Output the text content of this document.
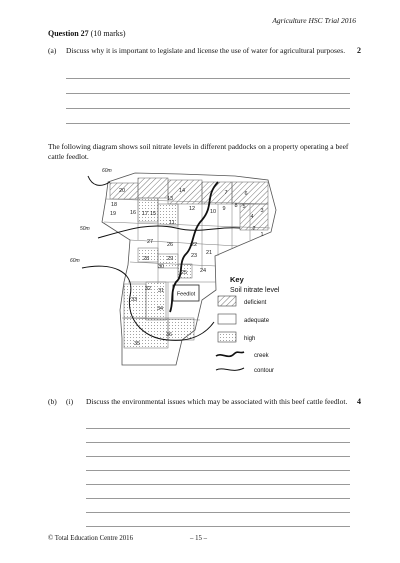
Agriculture HSC Trial 2016
Question 27 (10 marks)
(a) Discuss why it is important to legislate and license the use of water for agricultural purposes. 2
The following diagram shows soil nitrate levels in different paddocks on a property operating a beef cattle feedlot.
20
18
19	17
16	15
11
13
14
12	10 9 8
7	6
5
4
3
2
1
27	26	22
21
23
28	29
30
25 24
33
32 31
34
36
35
Feedlot
60m
50m
60m
Key
Soil nitrate level
deficient
adequate
high
creek
contour
(b) (i) Discuss the environmental issues which may be associated with this beef cattle feedlot.	4
© Total Education Centre 2016	– 15 –
